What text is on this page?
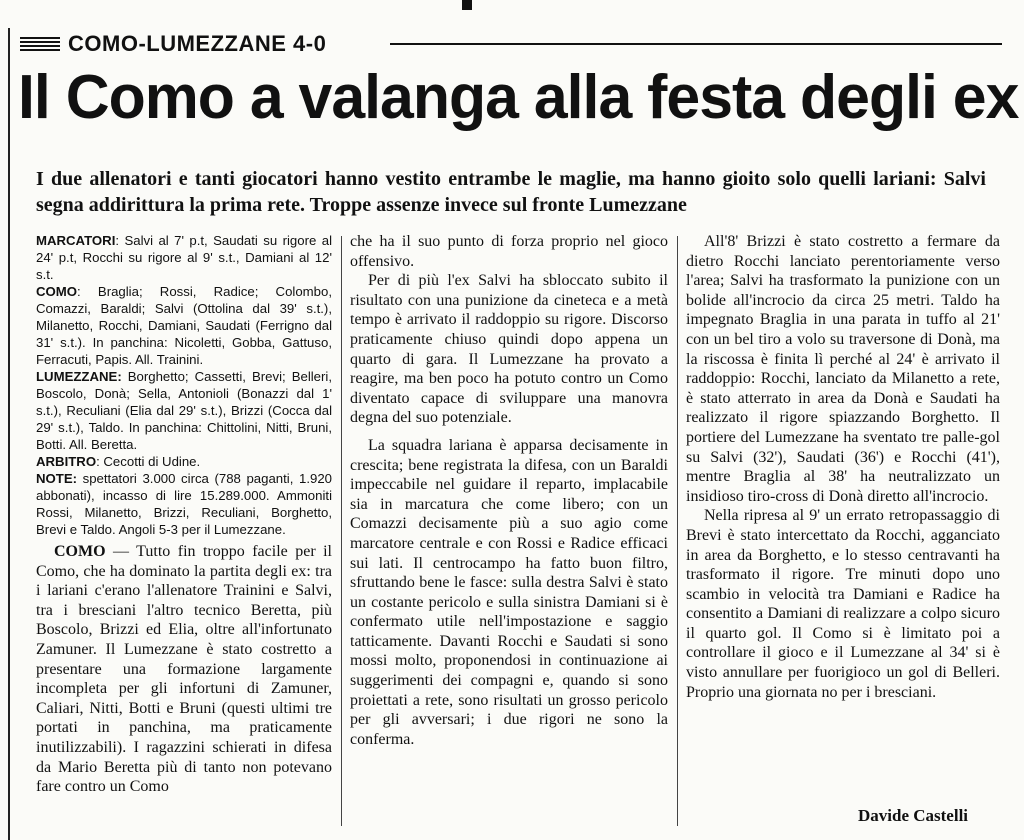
COMO-LUMEZZANE 4-0
Il Como a valanga alla festa degli ex
I due allenatori e tanti giocatori hanno vestito entrambe le maglie, ma hanno gioito solo quelli lariani: Salvi segna addirittura la prima rete. Troppe assenze invece sul fronte Lumezzane

MARCATORI: Salvi al 7' p.t, Saudati su rigore al 24' p.t, Rocchi su rigore al 9' s.t., Damiani al 12' s.t.

COMO: Braglia; Rossi, Radice; Colombo, Comazzi, Baraldi; Salvi (Ottolina dal 39' s.t.), Milanetto, Rocchi, Damiani, Saudati (Ferrigno dal 31' s.t.). In panchina: Nicoletti, Gobba, Gattuso, Ferracuti, Papis. All. Trainini.

LUMEZZANE: Borghetto; Cassetti, Brevi; Belleri, Boscolo, Donà; Sella, Antonioli (Bonazzi dal 1' s.t.), Reculiani (Elia dal 29' s.t.), Brizzi (Cocca dal 29' s.t.), Taldo. In panchina: Chittolini, Nitti, Bruni, Botti. All. Beretta.

ARBITRO: Cecotti di Udine.

NOTE: spettatori 3.000 circa (788 paganti, 1.920 abbonati), incasso di lire 15.289.000. Ammoniti Rossi, Milanetto, Brizzi, Reculiani, Borghetto, Brevi e Taldo. Angoli 5-3 per il Lumezzane.

COMO — Tutto fin troppo facile per il Como, che ha dominato la partita degli ex: tra i lariani c'erano l'allenatore Trainini e Salvi, tra i bresciani l'altro tecnico Beretta, più Boscolo, Brizzi ed Elia, oltre all'infortunato Zamuner. Il Lumezzane è stato costretto a presentare una formazione largamente incompleta per gli infortuni di Zamuner, Caliari, Nitti, Botti e Bruni (questi ultimi tre portati in panchina, ma praticamente inutilizzabili). I ragazzini schierati in difesa da Mario Beretta più di tanto non potevano fare contro un Como

che ha il suo punto di forza proprio nel gioco offensivo.

Per di più l'ex Salvi ha sbloccato subito il risultato con una punizione da cineteca e a metà tempo è arrivato il raddoppio su rigore. Discorso praticamente chiuso quindi dopo appena un quarto di gara. Il Lumezzane ha provato a reagire, ma ben poco ha potuto contro un Como diventato capace di sviluppare una manovra degna del suo potenziale.

La squadra lariana è apparsa decisamente in crescita; bene registrata la difesa, con un Baraldi impeccabile nel guidare il reparto, implacabile sia in marcatura che come libero; con un Comazzi decisamente più a suo agio come marcatore centrale e con Rossi e Radice efficaci sui lati. Il centrocampo ha fatto buon filtro, sfruttando bene le fasce: sulla destra Salvi è stato un costante pericolo e sulla sinistra Damiani si è confermato utile nell'impostazione e saggio tatticamente. Davanti Rocchi e Saudati si sono mossi molto, proponendosi in continuazione ai suggerimenti dei compagni e, quando si sono proiettati a rete, sono risultati un grosso pericolo per gli avversari; i due rigori ne sono la conferma.

All'8' Brizzi è stato costretto a fermare da dietro Rocchi lanciato perentoriamente verso l'area; Salvi ha trasformato la punizione con un bolide all'incrocio da circa 25 metri. Taldo ha impegnato Braglia in una parata in tuffo al 21' con un bel tiro a volo su traversone di Donà, ma la riscossa è finita lì perché al 24' è arrivato il raddoppio: Rocchi, lanciato da Milanetto a rete, è stato atterrato in area da Donà e Saudati ha realizzato il rigore spiazzando Borghetto. Il portiere del Lumezzane ha sventato tre palle-gol su Salvi (32'), Saudati (36') e Rocchi (41'), mentre Braglia al 38' ha neutralizzato un insidioso tiro-cross di Donà diretto all'incrocio.

Nella ripresa al 9' un errato retropassaggio di Brevi è stato intercettato da Rocchi, agganciato in area da Borghetto, e lo stesso centravanti ha trasformato il rigore. Tre minuti dopo uno scambio in velocità tra Damiani e Radice ha consentito a Damiani di realizzare a colpo sicuro il quarto gol. Il Como si è limitato poi a controllare il gioco e il Lumezzane al 34' si è visto annullare per fuorigioco un gol di Belleri. Proprio una giornata no per i bresciani.

Davide Castelli
